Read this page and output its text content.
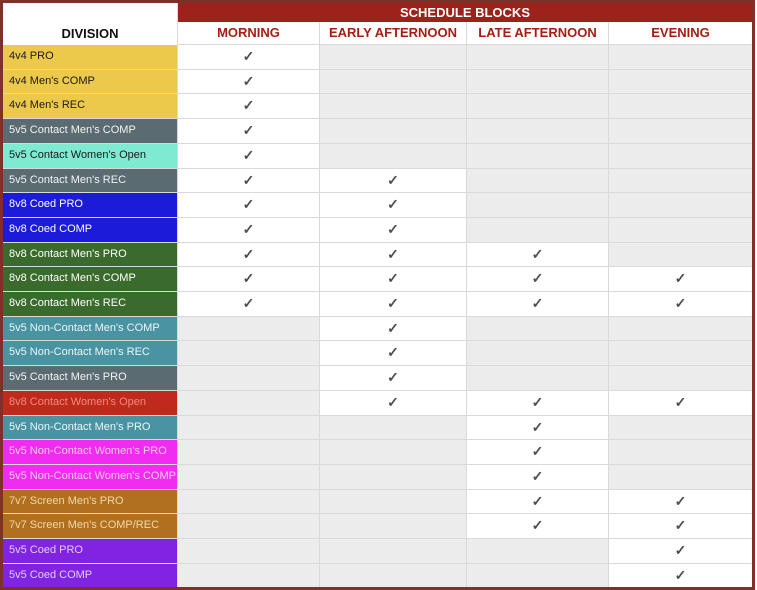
DIVISION	SCHEDULE BLOCKS			
	MORNING	EARLY AFTERNOON	LATE AFTERNOON	EVENING
4v4 PRO	✓			
4v4 Men's COMP	✓			
4v4 Men's REC	✓			
5v5 Contact Men's COMP	✓			
5v5 Contact Women's Open	✓			
5v5 Contact Men's REC	✓	✓		
8v8 Coed PRO	✓	✓		
8v8 Coed COMP	✓	✓		
8v8 Contact Men's PRO	✓	✓	✓	
8v8 Contact Men's COMP	✓	✓	✓	✓
8v8 Contact Men's REC	✓	✓	✓	✓
5v5 Non-Contact Men's COMP		✓		
5v5 Non-Contact Men's REC		✓		
5v5 Contact Men's PRO		✓		
8v8 Contact Women's Open		✓	✓	✓
5v5 Non-Contact Men's PRO			✓	
5v5 Non-Contact Women's PRO			✓	
5v5 Non-Contact Women's COMP			✓	
7v7 Screen Men's PRO			✓	✓
7v7 Screen Men's COMP/REC			✓	✓
5v5 Coed PRO				✓
5v5 Coed COMP				✓
